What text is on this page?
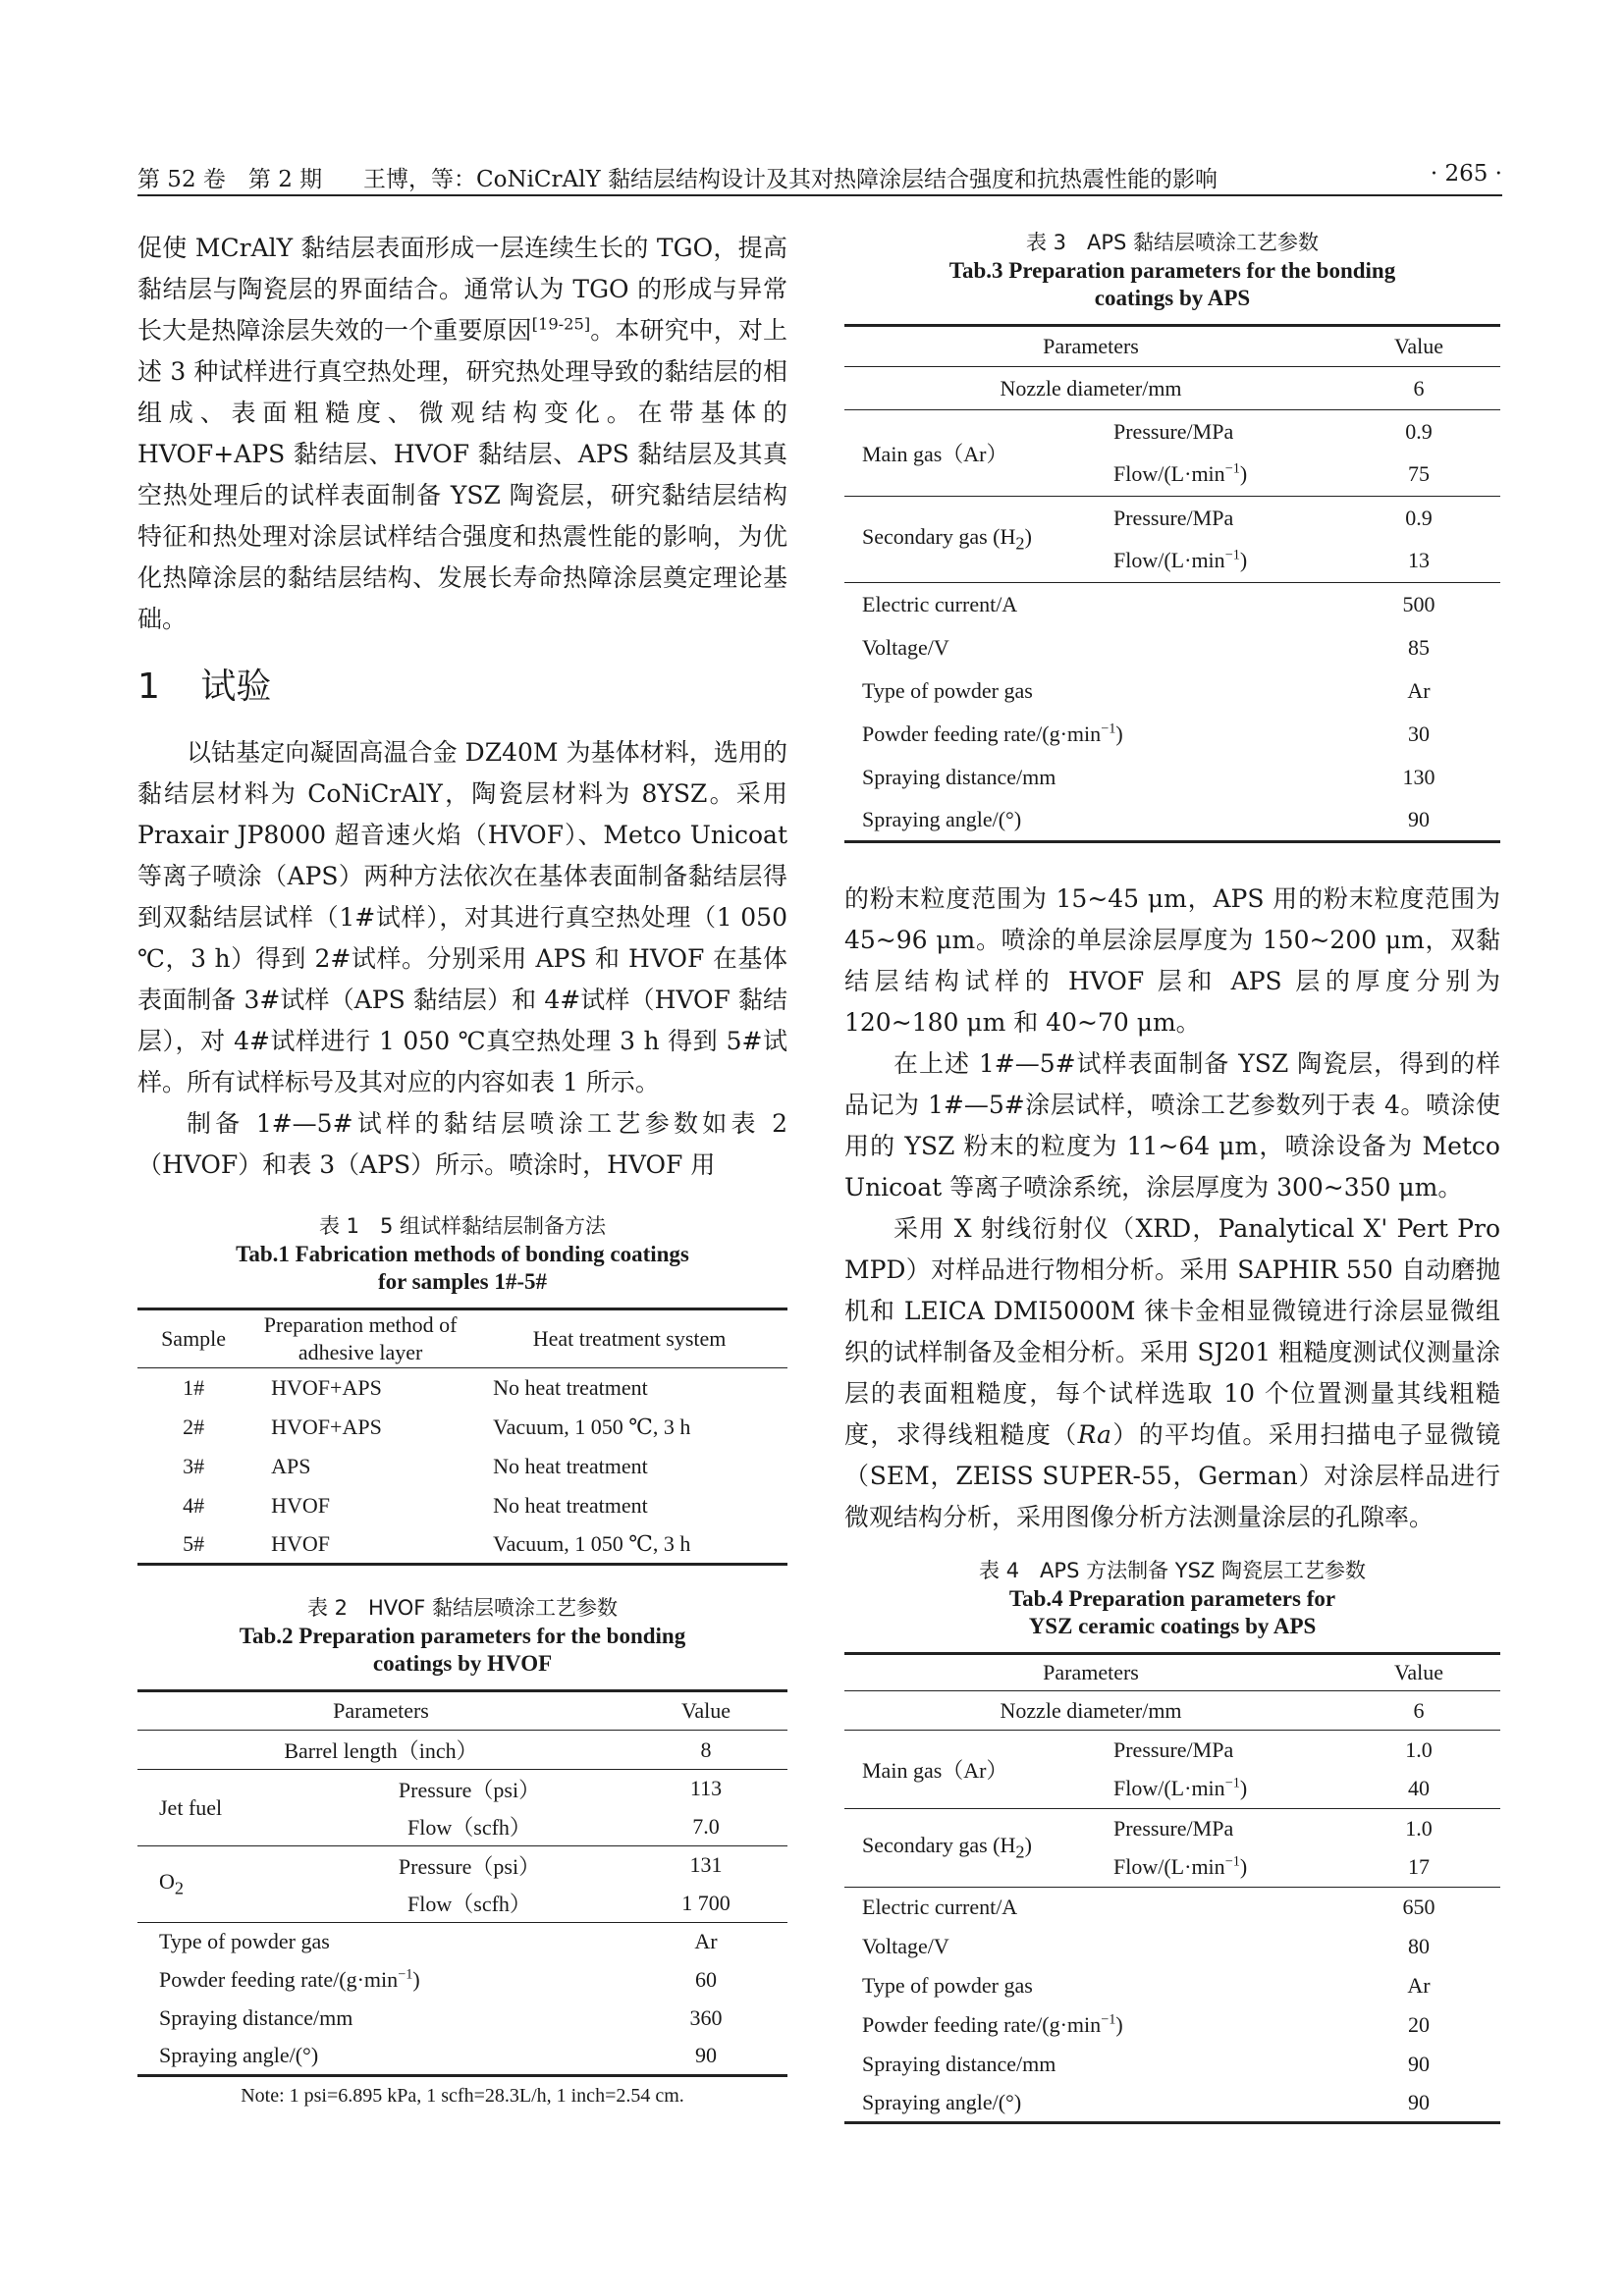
第 52 卷　第 2 期 王博，等：CoNiCrAlY 黏结层结构设计及其对热障涂层结合强度和抗热震性能的影响	· 265 ·

促使 MCrAlY 黏结层表面形成一层连续生长的 TGO，提高黏结层与陶瓷层的界面结合。通常认为 TGO 的形成与异常长大是热障涂层失效的一个重要原因[19-25]。本研究中，对上述 3 种试样进行真空热处理，研究热处理导致的黏结层的相组成、表面粗糙度、微观结构变化。在带基体的 HVOF+APS 黏结层、HVOF 黏结层、APS 黏结层及其真空热处理后的试样表面制备 YSZ 陶瓷层，研究黏结层结构特征和热处理对涂层试样结合强度和热震性能的影响，为优化热障涂层的黏结层结构、发展长寿命热障涂层奠定理论基础。

1 试验

以钴基定向凝固高温合金 DZ40M 为基体材料，选用的黏结层材料为 CoNiCrAlY，陶瓷层材料为 8YSZ。采用 Praxair JP8000 超音速火焰（HVOF）、Metco Unicoat 等离子喷涂（APS）两种方法依次在基体表面制备黏结层得到双黏结层试样（1#试样），对其进行真空热处理（1 050 ℃，3 h）得到 2#试样。分别采用 APS 和 HVOF 在基体表面制备 3#试样（APS 黏结层）和 4#试样（HVOF 黏结层），对 4#试样进行 1 050 ℃真空热处理 3 h 得到 5#试样。所有试样标号及其对应的内容如表 1 所示。

制备 1#—5#试样的黏结层喷涂工艺参数如表 2（HVOF）和表 3（APS）所示。喷涂时，HVOF 用

表 1　5 组试样黏结层制备方法

Tab.1 Fabrication methods of bonding coatings for samples 1#-5#

Sample	Preparation method of adhesive layer	Heat treatment system
1#	HVOF+APS	No heat treatment
2#	HVOF+APS	Vacuum, 1 050 ℃, 3 h
3#	APS	No heat treatment
4#	HVOF	No heat treatment
5#	HVOF	Vacuum, 1 050 ℃, 3 h

表 2　HVOF 黏结层喷涂工艺参数

Tab.2 Preparation parameters for the bonding coatings by HVOF

Parameters		Value
Barrel length（inch）		8
Jet fuel	Pressure（psi）	113
	Flow（scfh）	7.0
$O_2$	Pressure（psi）	131
	Flow（scfh）	1 700
Type of powder gas		Ar
Powder feeding rate/$(g\cdot\min^{-1})$		60
Spraying distance/mm		360
Spraying angle/(°)		90

Note: 1 psi=6.895 kPa, 1 scfh=28.3L/h, 1 inch=2.54 cm.

表 3　APS 黏结层喷涂工艺参数

Tab.3 Preparation parameters for the bonding coatings by APS

Parameters		Value
Nozzle diameter/mm		6
Main gas（Ar）	Pressure/MPa	0.9
	Flow/$(L\cdot\min^{-1})$	75
Secondary gas $(H_2)$	Pressure/MPa	0.9
	Flow/$(L\cdot\min^{-1})$	13
Electric current/A		500
Voltage/V		85
Type of powder gas		Ar
Powder feeding rate/$(g\cdot\min^{-1})$		30
Spraying distance/mm		130
Spraying angle/(°)		90

的粉末粒度范围为 15~45 μm，APS 用的粉末粒度范围为 45~96 μm。喷涂的单层涂层厚度为 150~200 μm，双黏结层结构试样的 HVOF 层和 APS 层的厚度分别为 120~180 μm 和 40~70 μm。

在上述 1#—5#试样表面制备 YSZ 陶瓷层，得到的样品记为 1#—5#涂层试样，喷涂工艺参数列于表 4。喷涂使用的 YSZ 粉末的粒度为 11~64 μm，喷涂设备为 Metco Unicoat 等离子喷涂系统，涂层厚度为 300~350 μm。

采用 X 射线衍射仪（XRD，Panalytical X' Pert Pro MPD）对样品进行物相分析。采用 SAPHIR 550 自动磨抛机和 LEICA DMI5000M 徕卡金相显微镜进行涂层显微组织的试样制备及金相分析。采用 SJ201 粗糙度测试仪测量涂层的表面粗糙度，每个试样选取 10 个位置测量其线粗糙度，求得线粗糙度（Ra）的平均值。采用扫描电子显微镜（SEM，ZEISS SUPER-55，German）对涂层样品进行微观结构分析，采用图像分析方法测量涂层的孔隙率。

表 4　APS 方法制备 YSZ 陶瓷层工艺参数

Tab.4 Preparation parameters for YSZ ceramic coatings by APS

Parameters		Value
Nozzle diameter/mm		6
Main gas（Ar）	Pressure/MPa	1.0
	Flow/$(L\cdot\min^{-1})$	40
Secondary gas $(H_2)$	Pressure/MPa	1.0
	Flow/$(L\cdot\min^{-1})$	17
Electric current/A		650
Voltage/V		80
Type of powder gas		Ar
Powder feeding rate/$(g\cdot\min^{-1})$		20
Spraying distance/mm		90
Spraying angle/(°)		90
